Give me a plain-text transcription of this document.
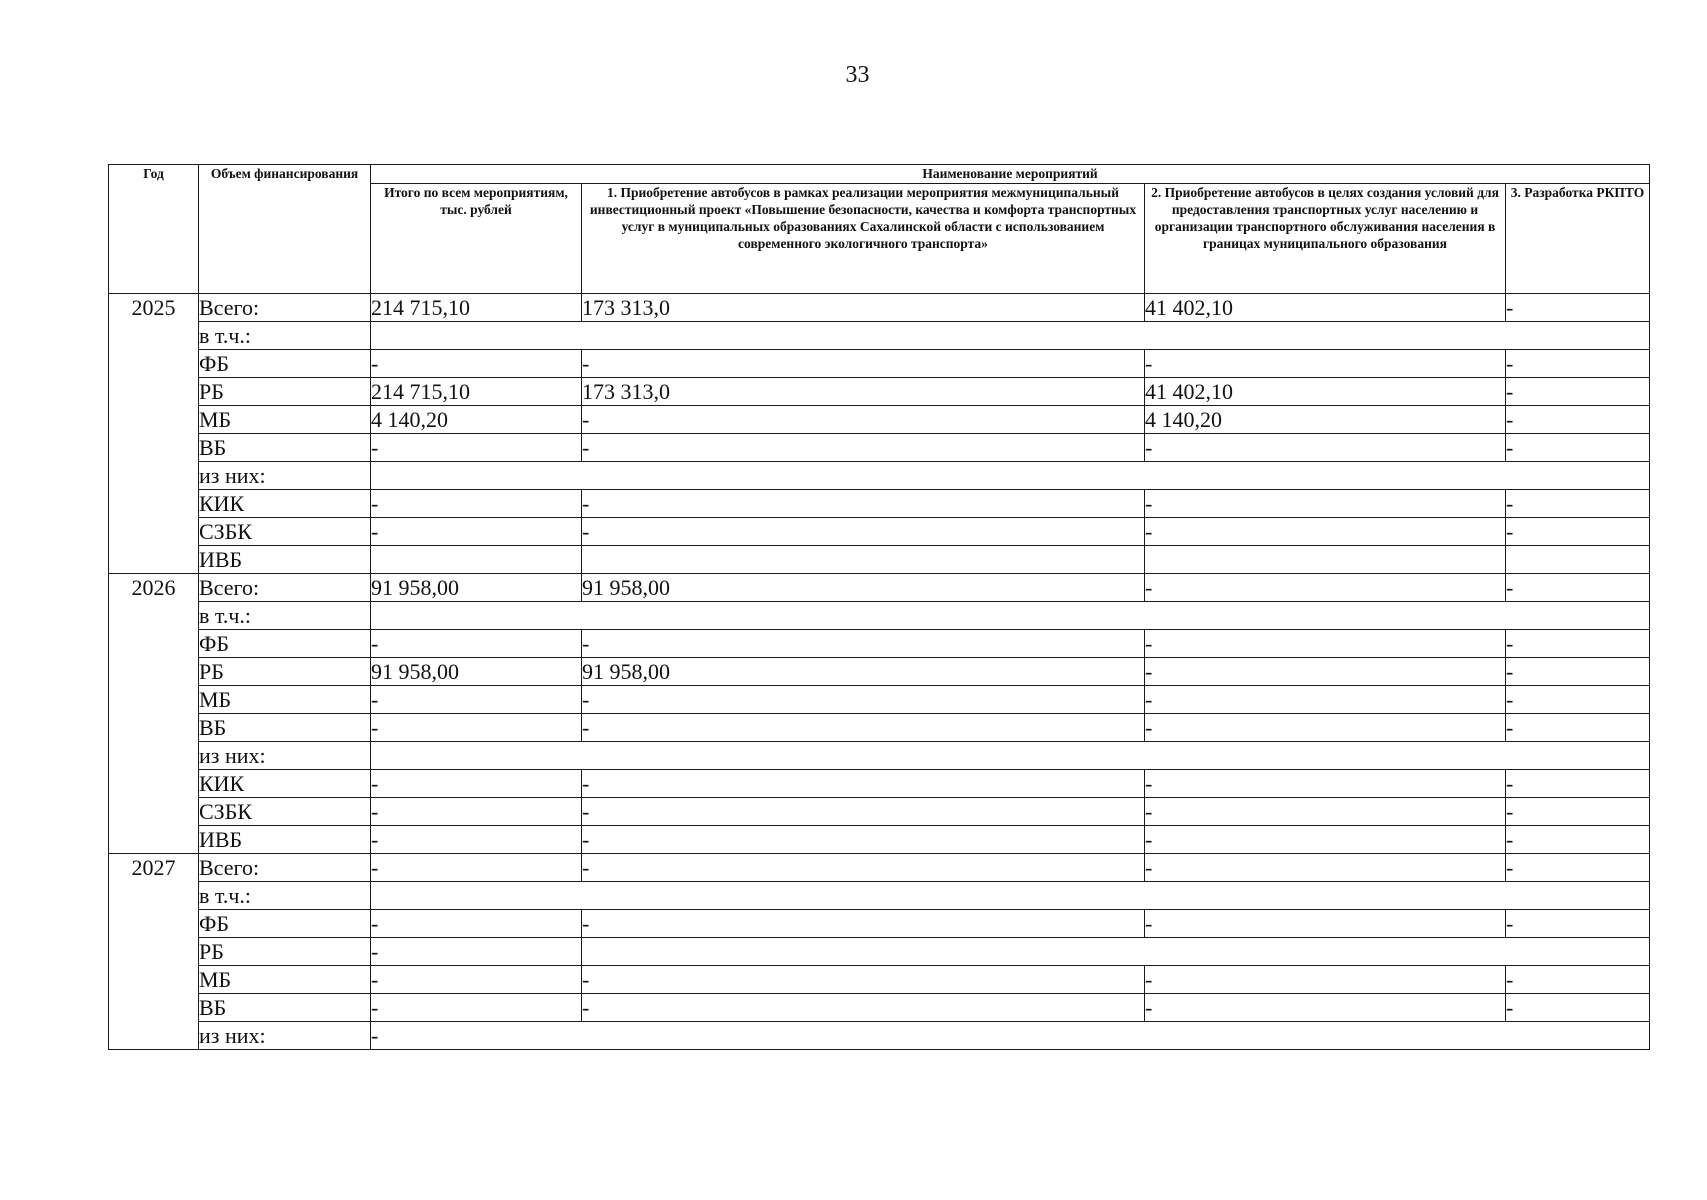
33
Год	Объем финансирования	Наименование мероприятий			
		Итого по всем мероприятиям, тыс. рублей	1. Приобретение автобусов в рамках реализации мероприятия межмуниципальный инвестиционный проект «Повышение безопасности, качества и комфорта транспортных услуг в муниципальных образованиях Сахалинской области с использованием современного экологичного транспорта»	2. Приобретение автобусов в целях создания условий для предоставления транспортных услуг населению и организации транспортного обслуживания населения в границах муниципального образования	3. Разработка РКПТО
2025	Всего:	214 715,10	173 313,0	41 402,10	-
	в т.ч.:				
	ФБ	-	-	-	-
	РБ	214 715,10	173 313,0	41 402,10	-
	МБ	4 140,20	-	4 140,20	-
	ВБ	-	-	-	-
	из них:				
	КИК	-	-	-	-
	СЗБК	-	-	-	-
	ИВБ				
2026	Всего:	91 958,00	91 958,00	-	-
	в т.ч.:				
	ФБ	-	-	-	-
	РБ	91 958,00	91 958,00	-	-
	МБ	-	-	-	-
	ВБ	-	-	-	-
	из них:				
	КИК	-	-	-	-
	СЗБК	-	-	-	-
	ИВБ	-	-	-	-
2027	Всего:	-	-	-	-
	в т.ч.:				
	ФБ	-	-	-	-
	РБ	-			
	МБ	-	-	-	-
	ВБ	-	-	-	-
	из них:	-			
